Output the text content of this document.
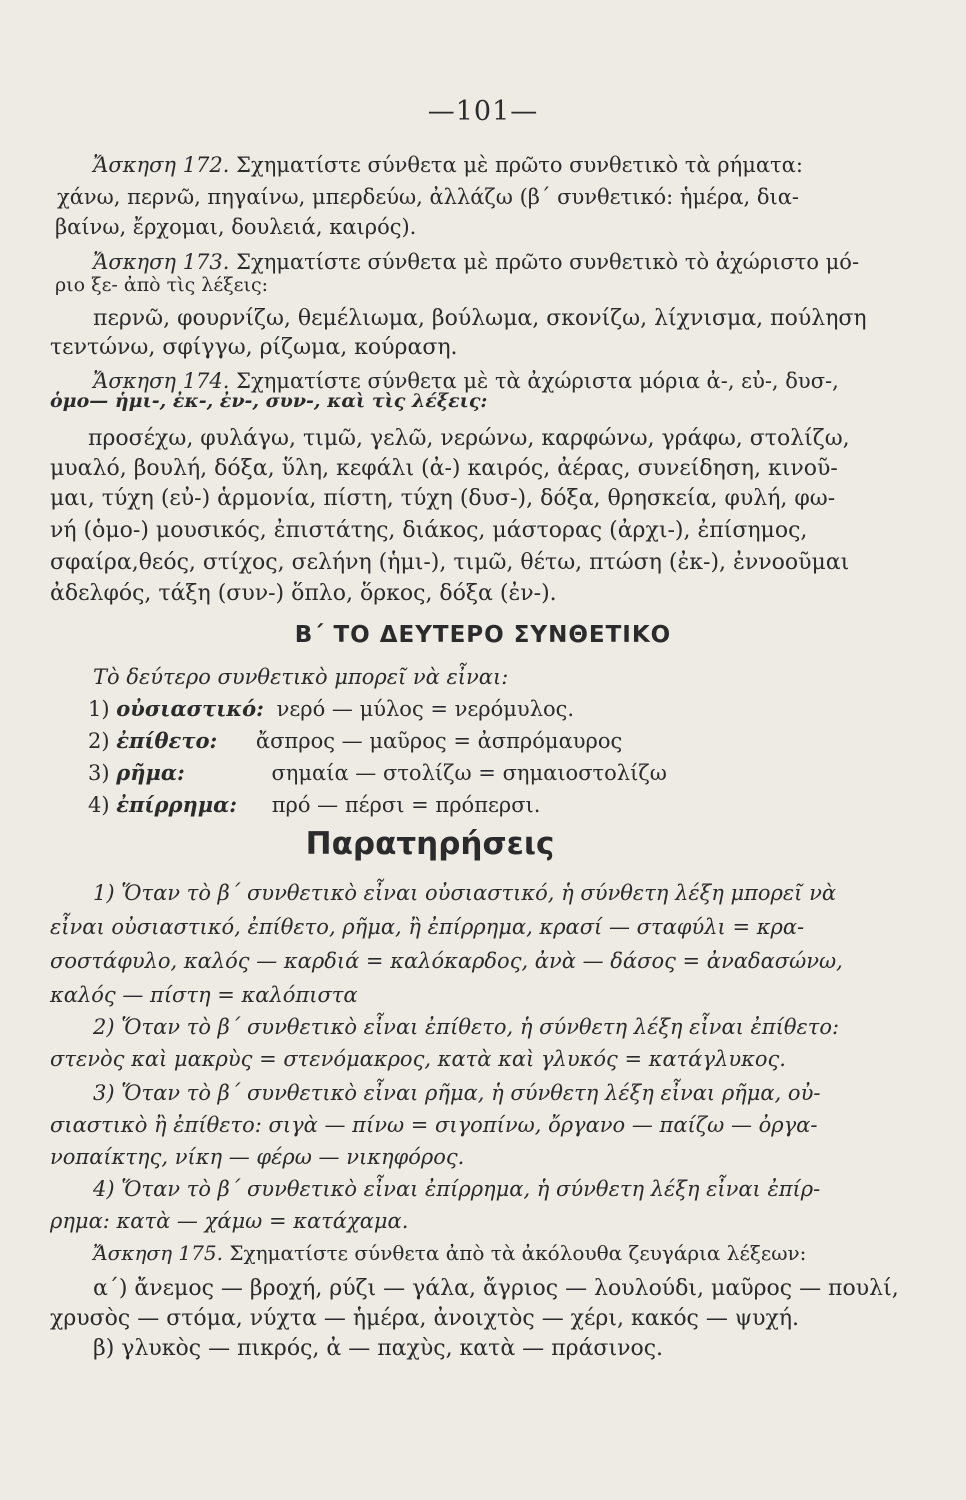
—101—
Ἄσκηση 172. Σχηματίστε σύνθετα μὲ πρῶτο συνθετικὸ τὰ ρήματα:
χάνω, περνῶ, πηγαίνω, μπερδεύω, ἀλλάζω (β΄ συνθετικό: ἡμέρα, δια-
βαίνω, ἔρχομαι, δουλειά, καιρός).
Ἄσκηση 173. Σχηματίστε σύνθετα μὲ πρῶτο συνθετικὸ τὸ ἀχώριστο μό-
ριο ξε- ἀπὸ τὶς λέξεις:
περνῶ, φουρνίζω, θεμέλιωμα, βούλωμα, σκονίζω, λίχνισμα, πούληση
τεντώνω, σφίγγω, ρίζωμα, κούραση.
Ἄσκηση 174. Σχηματίστε σύνθετα μὲ τὰ ἀχώριστα μόρια ἀ-, εὐ-, δυσ-,
ὁμο— ἡμι-, ἐκ-, ἐν-, συν-, καὶ τὶς λέξεις:
προσέχω, φυλάγω, τιμῶ, γελῶ, νερώνω, καρφώνω, γράφω, στολίζω,
μυαλό, βουλή, δόξα, ὕλη, κεφάλι (ἀ-) καιρός, ἀέρας, συνείδηση, κινοῦ-
μαι, τύχη (εὐ-) ἁρμονία, πίστη, τύχη (δυσ-), δόξα, θρησκεία, φυλή, φω-
νή (ὁμο-) μουσικός, ἐπιστάτης, διάκος, μάστορας (ἀρχι-), ἐπίσημος,
σφαίρα,θεός, στίχος, σελήνη (ἡμι-), τιμῶ, θέτω, πτώση (ἐκ-), ἐννοοῦμαι
ἀδελφός, τάξη (συν-) ὅπλο, ὅρκος, δόξα (ἐν-).
Β΄ ΤΟ ΔΕΥΤΕΡΟ ΣΥΝΘΕΤΙΚΟ
Τὸ δεύτερο συνθετικὸ μπορεῖ νὰ εἶναι:
1) οὐσιαστικό: νερό — μύλος = νερόμυλος.
2) ἐπίθετο: ἄσπρος — μαῦρος = ἀσπρόμαυρος
3) ρῆμα:	σημαία — στολίζω = σημαιοστολίζω
4) ἐπίρρημα: πρό — πέρσι = πρόπερσι.
Παρατηρήσεις
1) Ὅταν τὸ β΄ συνθετικὸ εἶναι οὐσιαστικό, ἡ σύνθετη λέξη μπορεῖ νὰ
εἶναι οὐσιαστικό, ἐπίθετο, ρῆμα, ἢ ἐπίρρημα, κρασί — σταφύλι = κρα-
σοστάφυλο, καλός — καρδιά = καλόκαρδος, ἀνὰ — δάσος = ἀναδασώνω,
καλός — πίστη = καλόπιστα
2) Ὅταν τὸ β΄ συνθετικὸ εἶναι ἐπίθετο, ἡ σύνθετη λέξη εἶναι ἐπίθετο:
στενὸς καὶ μακρὺς = στενόμακρος, κατὰ καὶ γλυκός = κατάγλυκος.
3) Ὅταν τὸ β΄ συνθετικὸ εἶναι ρῆμα, ἡ σύνθετη λέξη εἶναι ρῆμα, οὐ-
σιαστικὸ ἢ ἐπίθετο: σιγὰ — πίνω = σιγοπίνω, ὄργανο — παίζω — ὀργα-
νοπαίκτης, νίκη — φέρω — νικηφόρος.
4) Ὅταν τὸ β΄ συνθετικὸ εἶναι ἐπίρρημα, ἡ σύνθετη λέξη εἶναι ἐπίρ-
ρημα: κατὰ — χάμω = κατάχαμα.
Ἄσκηση 175. Σχηματίστε σύνθετα ἀπὸ τὰ ἀκόλουθα ζευγάρια λέξεων:
α΄) ἄνεμος — βροχή, ρύζι — γάλα, ἄγριος — λουλούδι, μαῦρος — πουλί,
χρυσὸς — στόμα, νύχτα — ἡμέρα, ἀνοιχτὸς — χέρι, κακός — ψυχή.
β) γλυκὸς — πικρός, ἀ — παχὺς, κατὰ — πράσινος.
